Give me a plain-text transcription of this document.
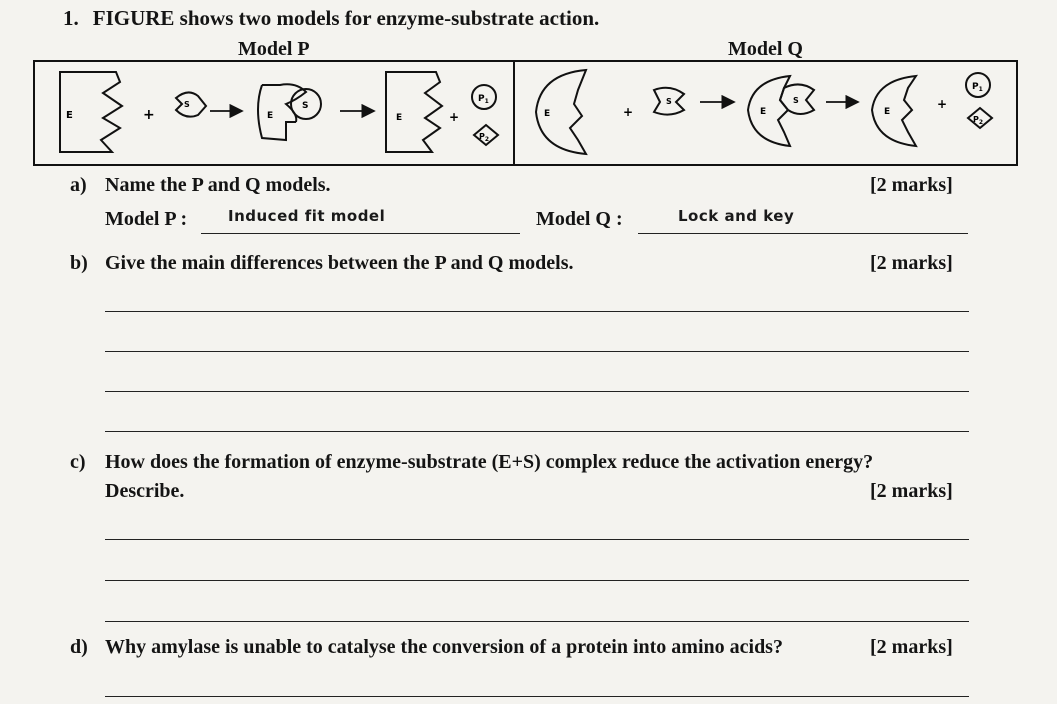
1. FIGURE shows two models for enzyme-substrate action.
Model P	Model Q
E	+
S	S
E	E	+
$P_1$
$P_2$
E	+
S	S
E	E
+
$P_1$
$P_2$
a) Name the P and Q models.	[2 marks]
Model P :	Induced fit model	Model Q :	Lock and key
b) Give the main differences between the P and Q models.	[2 marks]
c) How does the formation of enzyme-substrate (E+S) complex reduce the activation energy?
Describe.	[2 marks]
d) Why amylase is unable to catalyse the conversion of a protein into amino acids?	[2 marks]
